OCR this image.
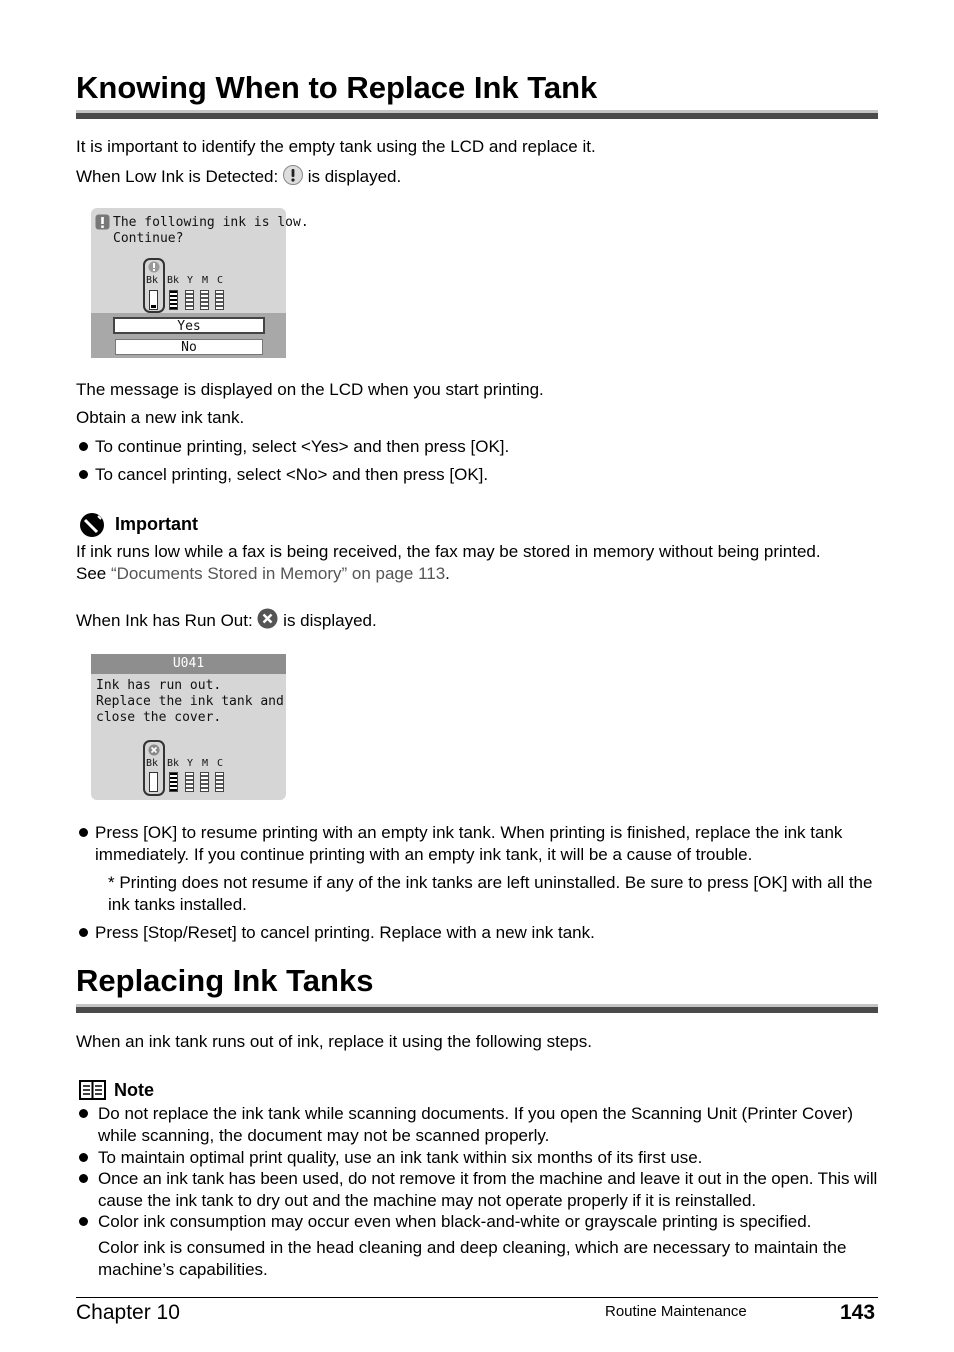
Knowing When to Replace Ink Tank
It is important to identify the empty tank using the LCD and replace it.
When Low Ink is Detected: is displayed.
The following ink is low.
Continue?
Bk Bk Y M C
Yes
No
The message is displayed on the LCD when you start printing.
Obtain a new ink tank.
To continue printing, select <Yes> and then press [OK].
To cancel printing, select <No> and then press [OK].
Important
If ink runs low while a fax is being received, the fax may be stored in memory without being printed.
See “Documents Stored in Memory” on page 113.
When Ink has Run Out: is displayed.
U041
Ink has run out.
Replace the ink tank and
close the cover.
Bk Bk Y M C
Press [OK] to resume printing with an empty ink tank. When printing is finished, replace the ink tank immediately. If you continue printing with an empty ink tank, it will be a cause of trouble.
* Printing does not resume if any of the ink tanks are left uninstalled. Be sure to press [OK] with all the ink tanks installed.
Press [Stop/Reset] to cancel printing. Replace with a new ink tank.
Replacing Ink Tanks
When an ink tank runs out of ink, replace it using the following steps.
Note
Do not replace the ink tank while scanning documents. If you open the Scanning Unit (Printer Cover) while scanning, the document may not be scanned properly.
To maintain optimal print quality, use an ink tank within six months of its first use.
Once an ink tank has been used, do not remove it from the machine and leave it out in the open. This will cause the ink tank to dry out and the machine may not operate properly if it is reinstalled.
Color ink consumption may occur even when black-and-white or grayscale printing is specified.
Color ink is consumed in the head cleaning and deep cleaning, which are necessary to maintain the machine’s capabilities.
Chapter 10	Routine Maintenance	143
